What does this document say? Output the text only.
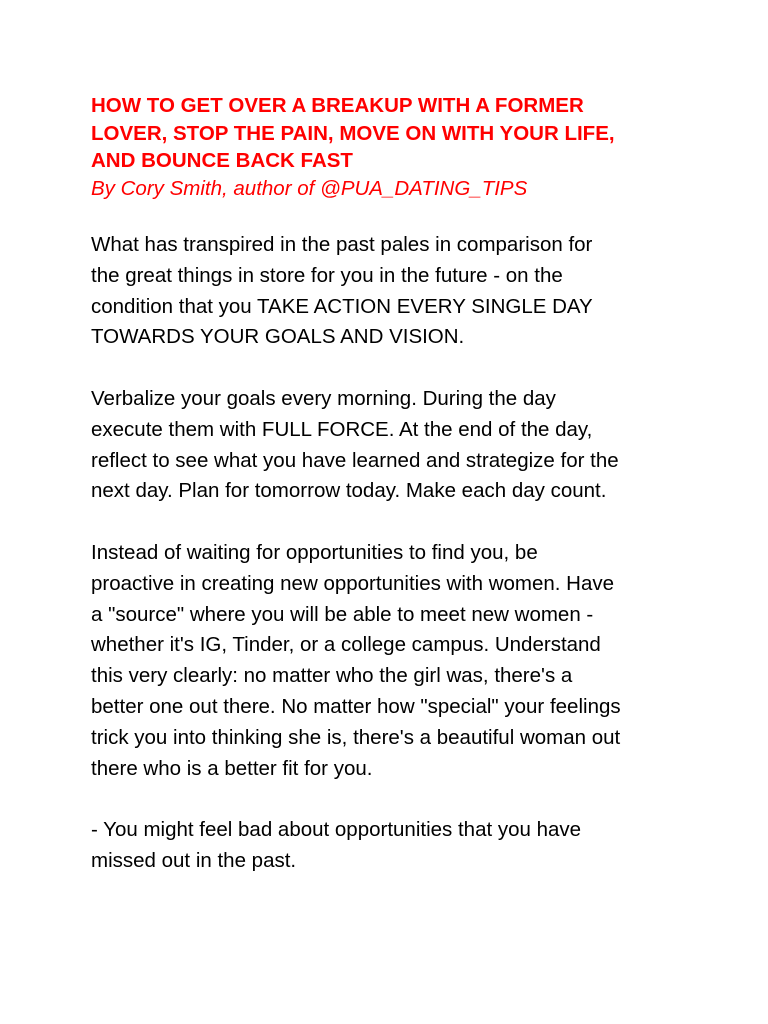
HOW TO GET OVER A BREAKUP WITH A FORMER
LOVER, STOP THE PAIN, MOVE ON WITH YOUR LIFE,
AND BOUNCE BACK FAST
By Cory Smith, author of @PUA_DATING_TIPS
What has transpired in the past pales in comparison for
the great things in store for you in the future - on the
condition that you TAKE ACTION EVERY SINGLE DAY
TOWARDS YOUR GOALS AND VISION.
Verbalize your goals every morning. During the day
execute them with FULL FORCE. At the end of the day,
reflect to see what you have learned and strategize for the
next day. Plan for tomorrow today. Make each day count.
Instead of waiting for opportunities to find you, be
proactive in creating new opportunities with women. Have
a "source" where you will be able to meet new women -
whether it's IG, Tinder, or a college campus. Understand
this very clearly: no matter who the girl was, there's a
better one out there. No matter how "special" your feelings
trick you into thinking she is, there's a beautiful woman out
there who is a better fit for you.
- You might feel bad about opportunities that you have
missed out in the past.
